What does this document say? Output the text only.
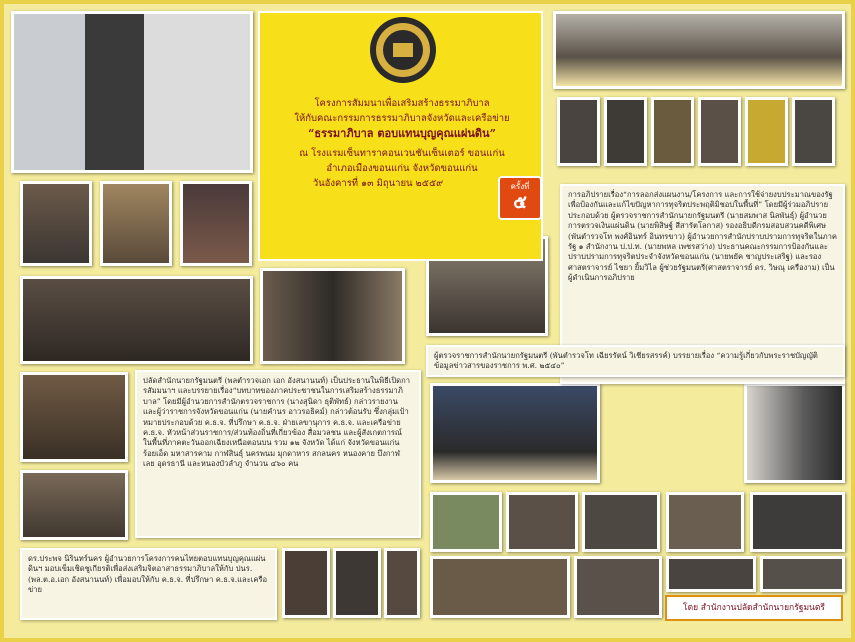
โครงการสัมมนาเพื่อเสริมสร้างธรรมาภิบาล
ให้กับคณะกรรมการธรรมาภิบาลจังหวัดและเครือข่าย
“ธรรมาภิบาล ตอบแทนบุญคุณแผ่นดิน”
ณ โรงแรมเซ็นทาราคอนเวนชันเซ็นเตอร์ ขอนแก่น
อำเภอเมืองขอนแก่น จังหวัดขอนแก่น
วันอังคารที่ ๑๓ มิถุนายน ๒๕๕๙	ครั้งที่
๕	การอภิปรายเรื่อง“การลอกส่งแผนงาน/โครงการ และการใช้จ่ายงบประมาณของรัฐเพื่อป้องกันและแก้ไขปัญหาการทุจริตประพฤติมิชอบในพื้นที่” โดยมีผู้ร่วมอภิปรายประกอบด้วย ผู้ตรวจราชการสำนักนายกรัฐมนตรี (นายสมพาส นิลพันธุ์) ผู้อำนวยการตรวจเงินแผ่นดิน (นายพิสิษฐ์ สีสารัตโลกาส) รองอธิบดีกรมสอบสวนคดีพิเศษ (พันตำรวจโท พงศ์อินทร์ อินทรขาว) ผู้อำนวยการสำนักปราบปรามการทุจริตในภาครัฐ ๑ สำนักงาน ป.ป.ท. (นายพหล เพชรสว่าง) ประธานคณะกรรมการป้องกันและปราบปรามการทุจริตประจำจังหวัดขอนแก่น (นายพยัค ชาญประเสริฐ) และรองศาสตราจารย์ ไชยา ยิ้มวิไล ผู้ช่วยรัฐมนตรี(ศาสตราจารย์ ดร. วิษณุ เครืองาม) เป็นผู้ดำเนินการอภิปราย
ผู้ตรวจราชการสำนักนายกรัฐมนตรี (พันตำรวจโท เฉียรรัตน์ วิเชียรสรรค์) บรรยายเรื่อง “ความรู้เกี่ยวกับพระราชบัญญัติข้อมูลข่าวสารของราชการ พ.ศ. ๒๕๔๐”
ปลัดสำนักนายกรัฐมนตรี (พลตำรวจเอก เอก อังสนานนท์) เป็นประธานในพิธีเปิดการสัมมนาฯ และบรรยายเรื่อง“บทบาทของภาคประชาชนในการเสริมสร้างธรรมาภิบาล” โดยมีผู้อำนวยการสำนักตรวจราชการ (นางสุนิดา ธุติพัทธ์) กล่าวรายงาน และผู้ว่าราชการจังหวัดขอนแก่น (นายคำนร อาวรอธิคม์) กล่าวต้อนรับ ซึ่งกลุ่มเป้าหมายประกอบด้วย ค.ธ.จ. ที่ปรึกษา ค.ธ.จ. ฝ่ายเลขานุการ ค.ธ.จ. และเครือข่าย ค.ธ.จ. หัวหน้าส่วนราชการ/ส่วนท้องถิ่นที่เกี่ยวข้อง สื่อมวลชน และผู้สังเกตการณ์ ในพื้นที่ภาคตะวันออกเฉียงเหนือตอนบน รวม ๑๒ จังหวัด ได้แก่ จังหวัดขอนแก่น ร้อยเอ็ด มหาสารคาม กาฬสินธุ์ นครพนม มุกดาหาร สกลนคร หนองคาย บึงกาฬ เลย อุดรธานี และหนองบัวลำภู จำนวน ๔๖๐ คน
ดร.ประพจ นิรินทร์นคร ผู้อำนวยการโครงการคนไทยตอบแทนบุญคุณแผ่นดินฯ มอบเข็มเชิดชูเกียรติเพื่อส่งเสริมจิตอาสาธรรมาภิบาลให้กับ ปนร. (พล.ต.อ.เอก อังสนานนท์) เพื่อมอบให้กับ ค.ธ.จ. ที่ปรึกษา ค.ธ.จ.และเครือข่าย
โดย สำนักงานปลัดสำนักนายกรัฐมนตรี
